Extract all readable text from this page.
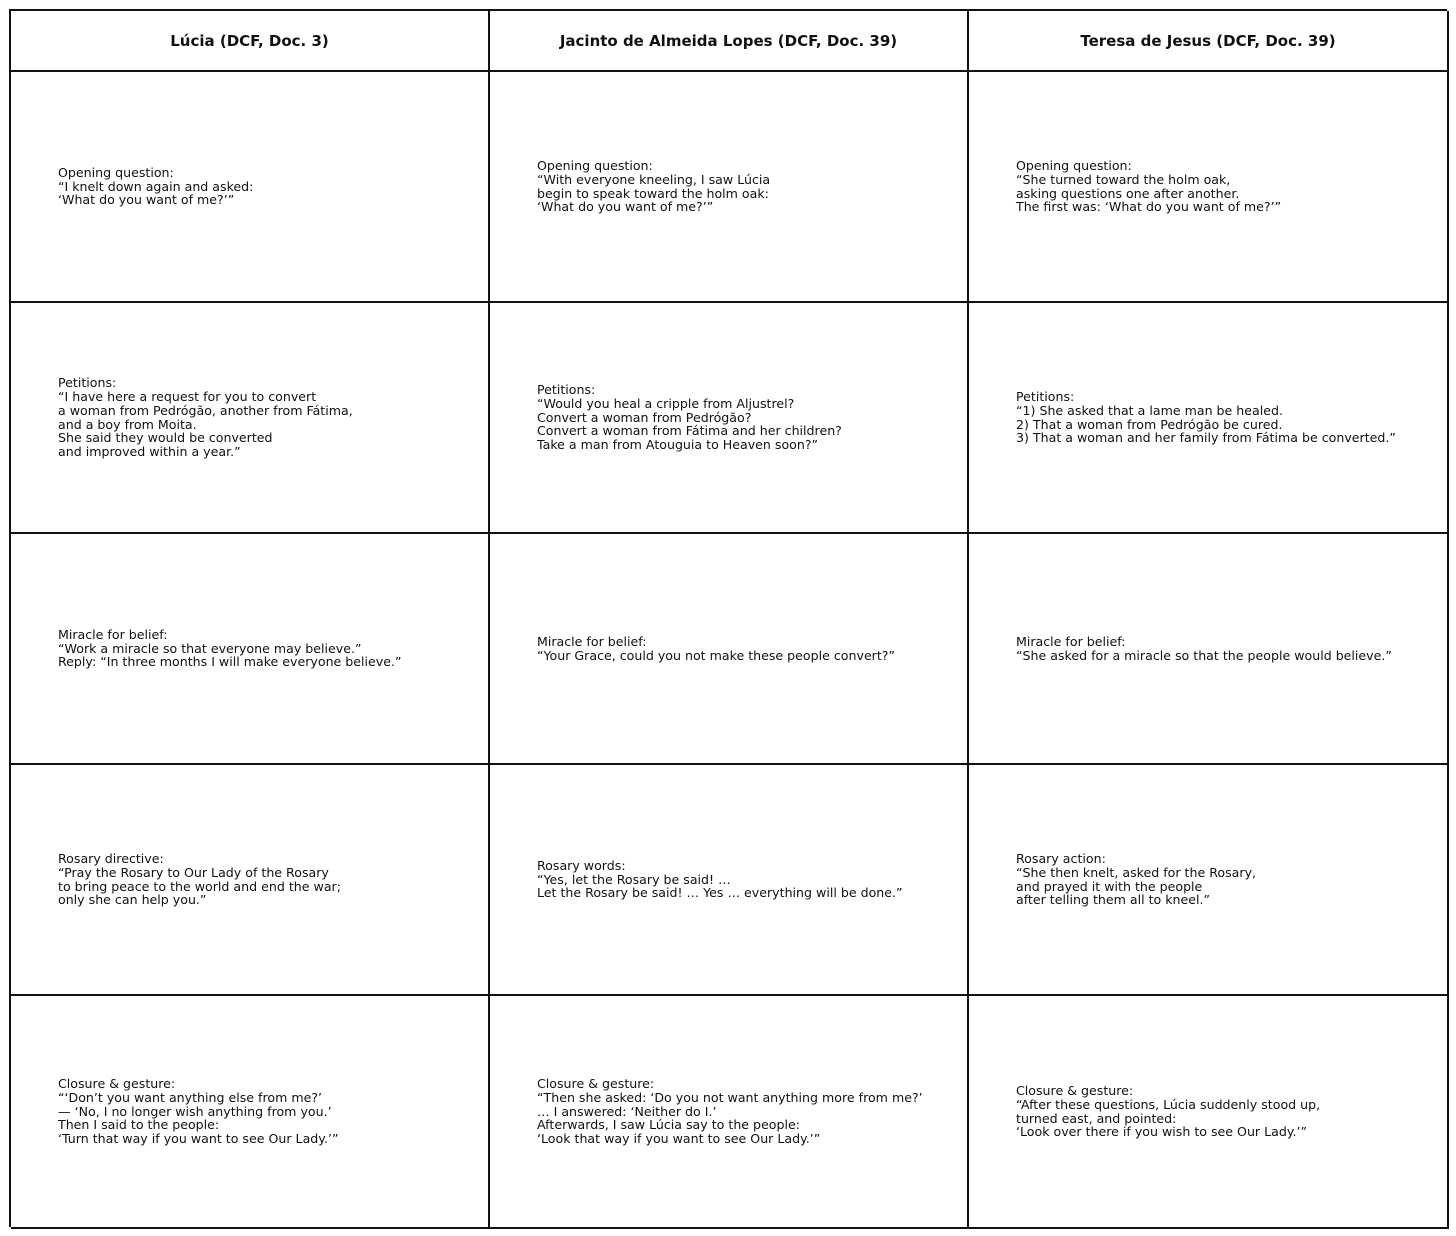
Lúcia (DCF, Doc. 3)	Jacinto de Almeida Lopes (DCF, Doc. 39)	Teresa de Jesus (DCF, Doc. 39)
Opening question:
“I knelt down again and asked:
‘What do you want of me?’”
Opening question:
“With everyone kneeling, I saw Lúcia
begin to speak toward the holm oak:
‘What do you want of me?’”
Opening question:
“She turned toward the holm oak,
asking questions one after another.
The first was: ‘What do you want of me?’”
Petitions:
“I have here a request for you to convert
a woman from Pedrógão, another from Fátima,
and a boy from Moita.
She said they would be converted
and improved within a year.”
Petitions:
“Would you heal a cripple from Aljustrel?
Convert a woman from Pedrógão?
Convert a woman from Fátima and her children?
Take a man from Atouguia to Heaven soon?”
Petitions:
“1) She asked that a lame man be healed.
2) That a woman from Pedrógão be cured.
3) That a woman and her family from Fátima be converted.”
Miracle for belief:
“Work a miracle so that everyone may believe.”
Reply: “In three months I will make everyone believe.”
Miracle for belief:
“Your Grace, could you not make these people convert?”
Miracle for belief:
“She asked for a miracle so that the people would believe.”
Rosary directive:
“Pray the Rosary to Our Lady of the Rosary
to bring peace to the world and end the war;
only she can help you.”
Rosary words:
“Yes, let the Rosary be said! …
Let the Rosary be said! … Yes … everything will be done.”
Rosary action:
“She then knelt, asked for the Rosary,
and prayed it with the people
after telling them all to kneel.”
Closure & gesture:
“‘Don’t you want anything else from me?’
— ‘No, I no longer wish anything from you.’
Then I said to the people:
‘Turn that way if you want to see Our Lady.’”
Closure & gesture:
“Then she asked: ‘Do you not want anything more from me?’
… I answered: ‘Neither do I.’
Afterwards, I saw Lúcia say to the people:
‘Look that way if you want to see Our Lady.’”
Closure & gesture:
“After these questions, Lúcia suddenly stood up,
turned east, and pointed:
‘Look over there if you wish to see Our Lady.’”
